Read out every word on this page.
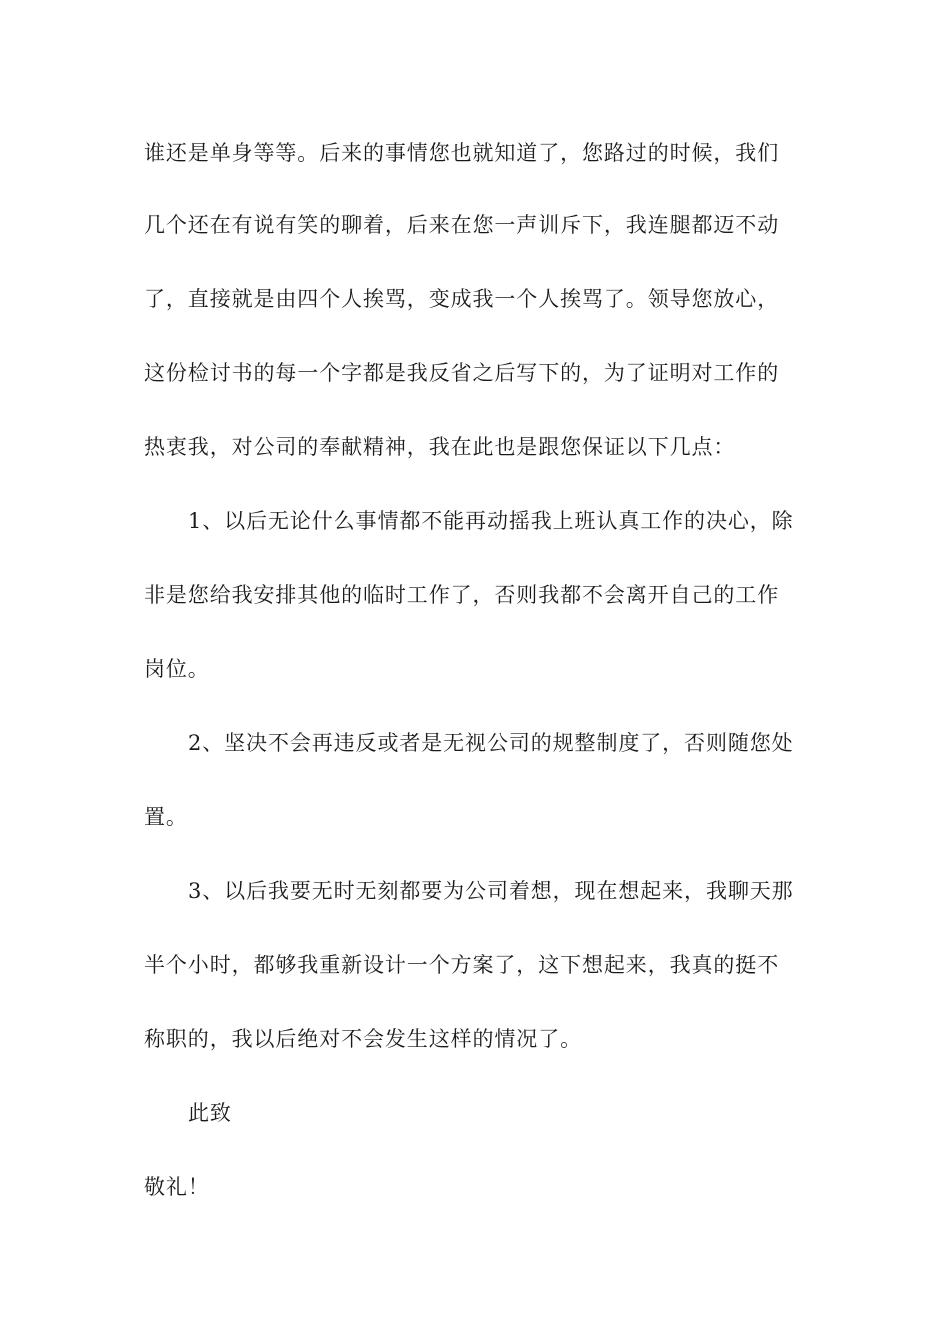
谁还是单身等等。后来的事情您也就知道了，您路过的时候，我们

几个还在有说有笑的聊着，后来在您一声训斥下，我连腿都迈不动

了，直接就是由四个人挨骂，变成我一个人挨骂了。领导您放心，

这份检讨书的每一个字都是我反省之后写下的，为了证明对工作的

热衷我，对公司的奉献精神，我在此也是跟您保证以下几点：

1、以后无论什么事情都不能再动摇我上班认真工作的决心，除

非是您给我安排其他的临时工作了，否则我都不会离开自己的工作

岗位。

2、坚决不会再违反或者是无视公司的规整制度了，否则随您处

置。

3、以后我要无时无刻都要为公司着想，现在想起来，我聊天那

半个小时，都够我重新设计一个方案了，这下想起来，我真的挺不

称职的，我以后绝对不会发生这样的情况了。

此致

敬礼！
